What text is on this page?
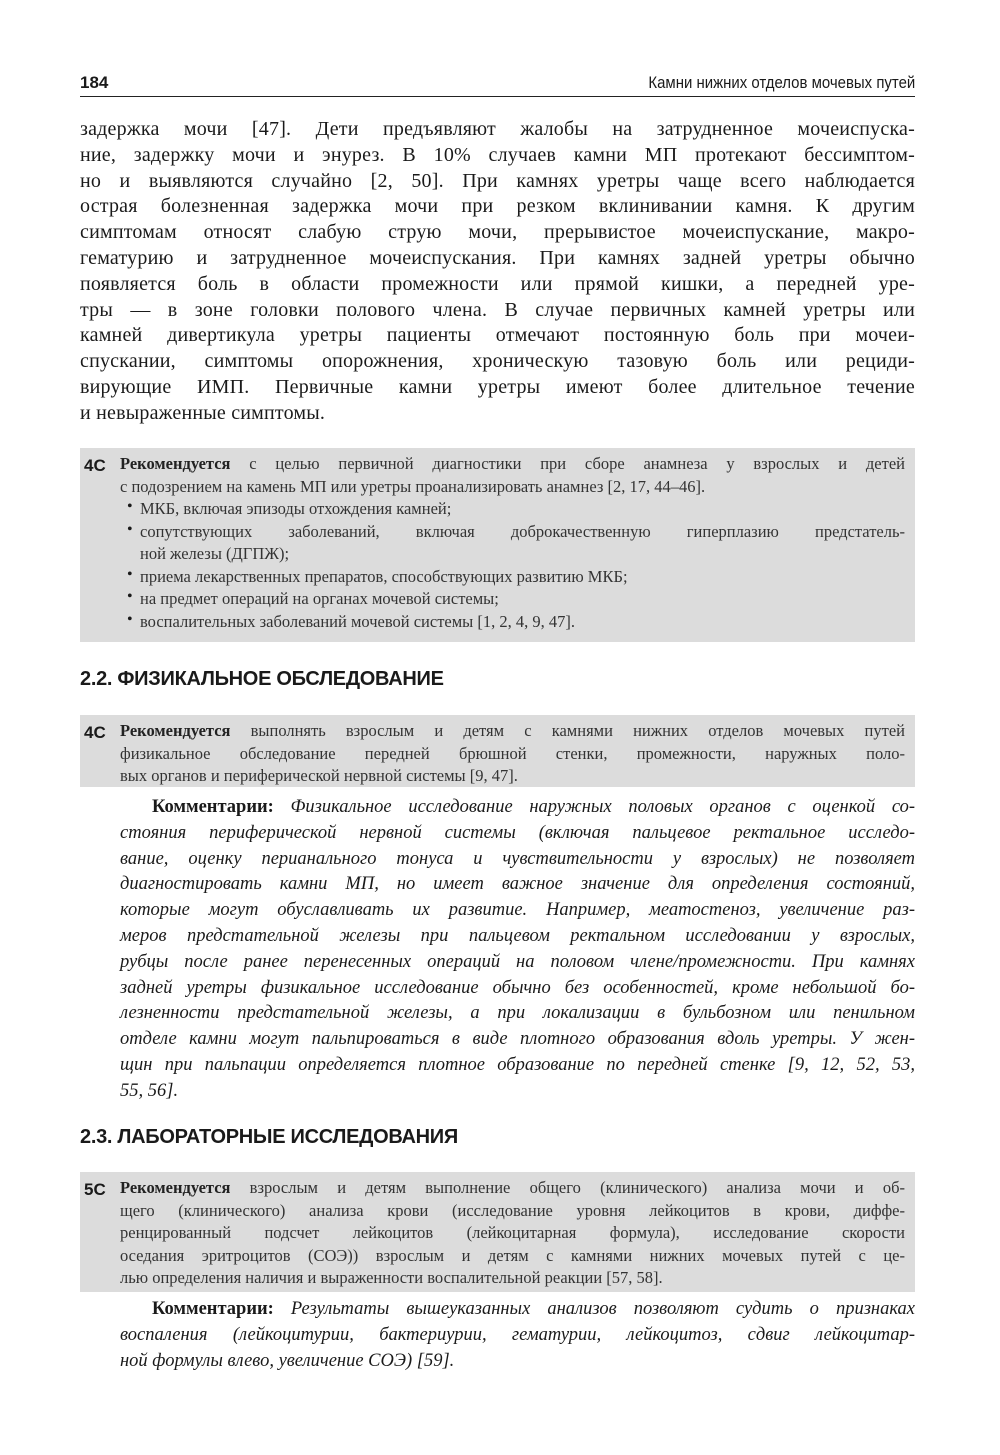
184	Камни нижних отделов мочевых путей
задержка мочи [47]. Дети предъявляют жалобы на затрудненное мочеиспуска-
ние, задержку мочи и энурез. В 10% случаев камни МП протекают бессимптом-
но и выявляются случайно [2, 50]. При камнях уретры чаще всего наблюдается
острая болезненная задержка мочи при резком вклинивании камня. К другим
симптомам относят слабую струю мочи, прерывистое мочеиспускание, макро-
гематурию и затрудненное мочеиспускания. При камнях задней уретры обычно
появляется боль в области промежности или прямой кишки, а передней уре-
тры — в зоне головки полового члена. В случае первичных камней уретры или
камней дивертикула уретры пациенты отмечают постоянную боль при мочеи-
спускании, симптомы опорожнения, хроническую тазовую боль или рециди-
вирующие ИМП. Первичные камни уретры имеют более длительное течение
и невыраженные симптомы.
4C Рекомендуется с целью первичной диагностики при сборе анамнеза у взрослых и детей
с подозрением на камень МП или уретры проанализировать анамнез [2, 17, 44–46].
• МКБ, включая эпизоды отхождения камней;
• сопутствующих заболеваний, включая доброкачественную гиперплазию предстатель-
ной железы (ДГПЖ);
• приема лекарственных препаратов, способствующих развитию МКБ;
• на предмет операций на органах мочевой системы;
• воспалительных заболеваний мочевой системы [1, 2, 4, 9, 47].
2.2. ФИЗИКАЛЬНОЕ ОБСЛЕДОВАНИЕ
4C Рекомендуется выполнять взрослым и детям с камнями нижних отделов мочевых путей
физикальное обследование передней брюшной стенки, промежности, наружных поло-
вых органов и периферической нервной системы [9, 47].
Комментарии: Физикальное исследование наружных половых органов с оценкой со-
стояния периферической нервной системы (включая пальцевое ректальное исследо-
вание, оценку перианального тонуса и чувствительности у взрослых) не позволяет
диагностировать камни МП, но имеет важное значение для определения состояний,
которые могут обуславливать их развитие. Например, меатостеноз, увеличение раз-
меров предстательной железы при пальцевом ректальном исследовании у взрослых,
рубцы после ранее перенесенных операций на половом члене/промежности. При камнях
задней уретры физикальное исследование обычно без особенностей, кроме небольшой бо-
лезненности предстательной железы, а при локализации в бульбозном или пенильном
отделе камни могут пальпироваться в виде плотного образования вдоль уретры. У жен-
щин при пальпации определяется плотное образование по передней стенке [9, 12, 52, 53,
55, 56].
2.3. ЛАБОРАТОРНЫЕ ИССЛЕДОВАНИЯ
5C Рекомендуется взрослым и детям выполнение общего (клинического) анализа мочи и об-
щего (клинического) анализа крови (исследование уровня лейкоцитов в крови, диффе-
ренцированный подсчет лейкоцитов (лейкоцитарная формула), исследование скорости
оседания эритроцитов (СОЭ)) взрослым и детям с камнями нижних мочевых путей с це-
лью определения наличия и выраженности воспалительной реакции [57, 58].
Комментарии: Результаты вышеуказанных анализов позволяют судить о признаках
воспаления (лейкоцитурии, бактериурии, гематурии, лейкоцитоз, сдвиг лейкоцитар-
ной формулы влево, увеличение СОЭ) [59].
